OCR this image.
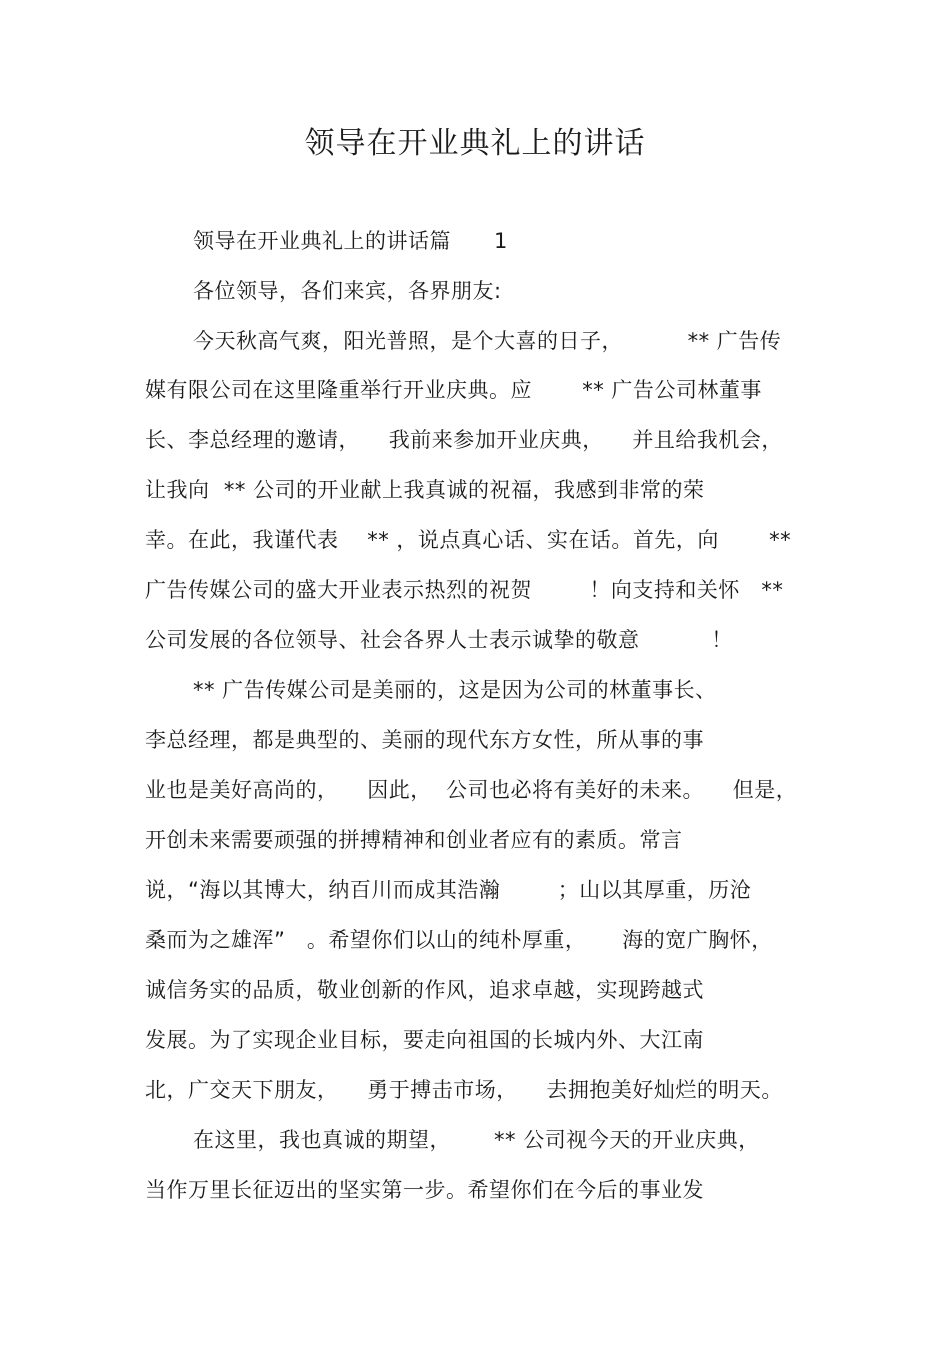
领导在开业典礼上的讲话
领导在开业典礼上的讲话篇      1
各位领导，各们来宾，各界朋友:
今天秋高气爽，阳光普照，是个大喜的日子，         ** 广告传
媒有限公司在这里隆重举行开业庆典。应       ** 广告公司林董事
长、李总经理的邀请，    我前来参加开业庆典，    并且给我机会，
让我向  ** 公司的开业献上我真诚的祝福，我感到非常的荣
幸。在此，我谨代表    ** ，说点真心话、实在话。首先，向       **
广告传媒公司的盛大开业表示热烈的祝贺        ！向支持和关怀   **
公司发展的各位领导、社会各界人士表示诚挚的敬意          ！
** 广告传媒公司是美丽的，这是因为公司的林董事长、
李总经理，都是典型的、美丽的现代东方女性，所从事的事
业也是美好高尚的，    因此，  公司也必将有美好的未来。    但是，
开创未来需要顽强的拼搏精神和创业者应有的素质。常言
说，“海以其博大，纳百川而成其浩瀚        ；山以其厚重，历沧
桑而为之雄浑”   。希望你们以山的纯朴厚重，     海的宽广胸怀，
诚信务实的品质，敬业创新的作风，追求卓越，实现跨越式
发展。为了实现企业目标，要走向祖国的长城内外、大江南
北，广交天下朋友，    勇于搏击市场，    去拥抱美好灿烂的明天。
在这里，我也真诚的期望，      ** 公司视今天的开业庆典，
当作万里长征迈出的坚实第一步。希望你们在今后的事业发
